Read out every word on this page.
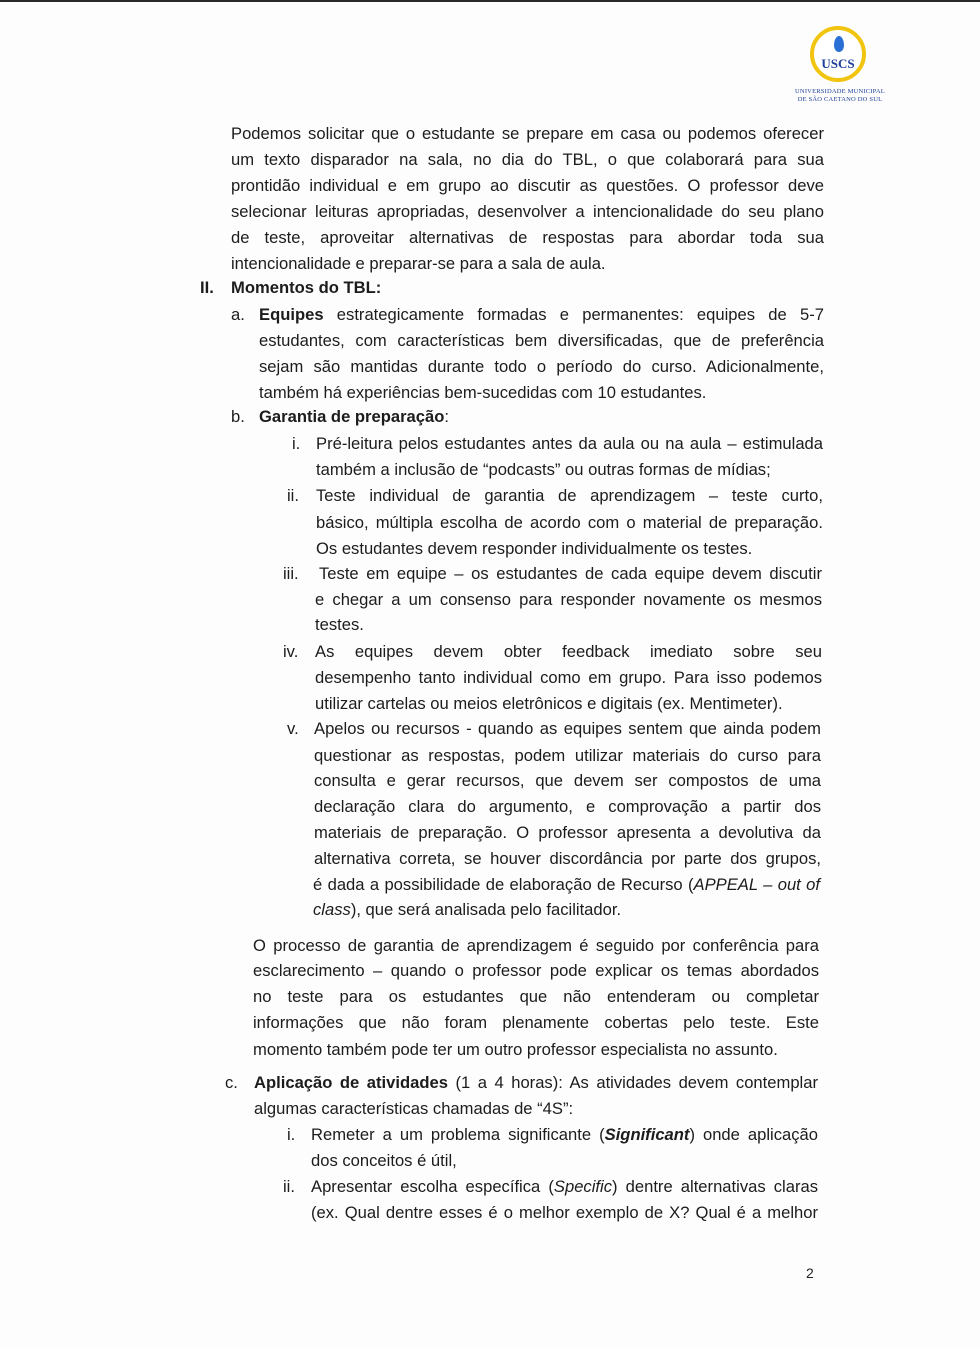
USCS
UNIVERSIDADE MUNICIPAL
DE SÃO CAETANO DO SUL
Podemos solicitar que o estudante se prepare em casa ou podemos oferecer
um texto disparador na sala, no dia do TBL, o que colaborará para sua
prontidão individual e em grupo ao discutir as questões. O professor deve
selecionar leituras apropriadas, desenvolver a intencionalidade do seu plano
de teste, aproveitar alternativas de respostas para abordar toda sua
intencionalidade e preparar-se para a sala de aula.
II. Momentos do TBL:
a. Equipes estrategicamente formadas e permanentes: equipes de 5-7
estudantes, com características bem diversificadas, que de preferência
sejam são mantidas durante todo o período do curso. Adicionalmente,
também há experiências bem-sucedidas com 10 estudantes.
b. Garantia de preparação:
i. Pré-leitura pelos estudantes antes da aula ou na aula – estimulada
também a inclusão de “podcasts” ou outras formas de mídias;
ii. Teste individual de garantia de aprendizagem – teste curto,
básico, múltipla escolha de acordo com o material de preparação.
Os estudantes devem responder individualmente os testes.
iii. Teste em equipe – os estudantes de cada equipe devem discutir
e chegar a um consenso para responder novamente os mesmos
testes.
iv. As equipes devem obter feedback imediato sobre seu
desempenho tanto individual como em grupo. Para isso podemos
utilizar cartelas ou meios eletrônicos e digitais (ex. Mentimeter).
v. Apelos ou recursos - quando as equipes sentem que ainda podem
questionar as respostas, podem utilizar materiais do curso para
consulta e gerar recursos, que devem ser compostos de uma
declaração clara do argumento, e comprovação a partir dos
materiais de preparação. O professor apresenta a devolutiva da
alternativa correta, se houver discordância por parte dos grupos,
é dada a possibilidade de elaboração de Recurso (APPEAL – out of
class), que será analisada pelo facilitador.
O processo de garantia de aprendizagem é seguido por conferência para
esclarecimento – quando o professor pode explicar os temas abordados
no teste para os estudantes que não entenderam ou completar
informações que não foram plenamente cobertas pelo teste. Este
momento também pode ter um outro professor especialista no assunto.
c. Aplicação de atividades (1 a 4 horas): As atividades devem contemplar
algumas características chamadas de “4S”:
i. Remeter a um problema significante (Significant) onde aplicação
dos conceitos é útil,
ii. Apresentar escolha específica (Specific) dentre alternativas claras
(ex. Qual dentre esses é o melhor exemplo de X? Qual é a melhor
2
